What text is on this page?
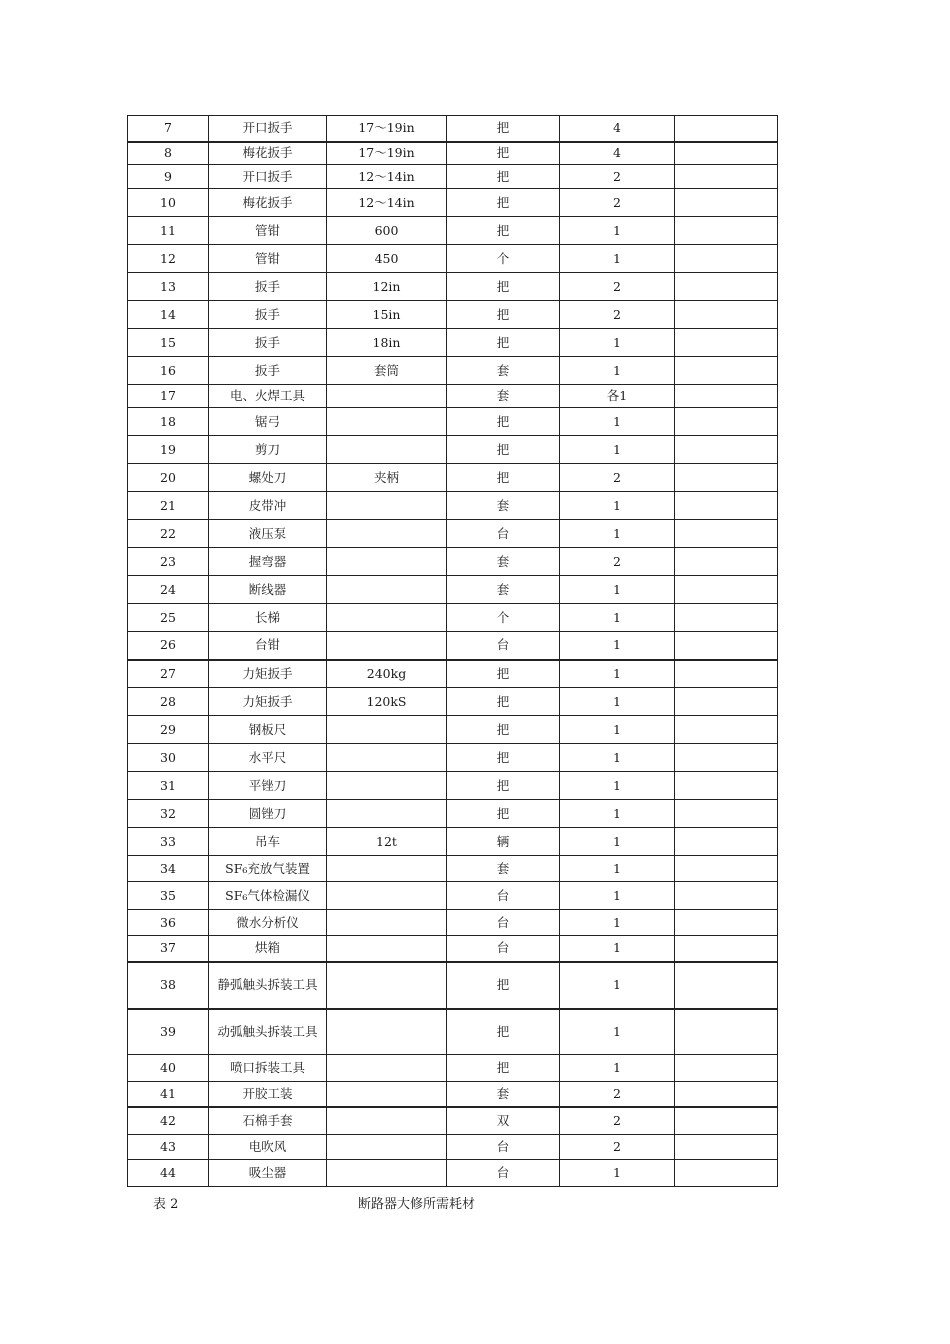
7	开口扳手	17～19in	把	4	
8	梅花扳手	17～19in	把	4	
9	开口扳手	12～14in	把	2	
10	梅花扳手	12～14in	把	2	
11	管钳	600	把	1	
12	管钳	450	个	1	
13	扳手	12in	把	2	
14	扳手	15in	把	2	
15	扳手	18in	把	1	
16	扳手	套筒	套	1	
17	电、火焊工具		套	各1	
18	锯弓		把	1	
19	剪刀		把	1	
20	螺处刀	夹柄	把	2	
21	皮带冲		套	1	
22	液压泵		台	1	
23	握弯器		套	2	
24	断线器		套	1	
25	长梯		个	1	
26	台钳		台	1	
27	力矩扳手	240kg	把	1	
28	力矩扳手	120kS	把	1	
29	钢板尺		把	1	
30	水平尺		把	1	
31	平锉刀		把	1	
32	圆锉刀		把	1	
33	吊车	12t	辆	1	
34	SF₆充放气装置		套	1	
35	SF₆气体检漏仪		台	1	
36	微水分析仪		台	1	
37	烘箱		台	1	
38	静弧触头拆装工具		把	1	
39	动弧触头拆装工具		把	1	
40	喷口拆装工具		把	1	
41	开胶工装		套	2	
42	石棉手套		双	2	
43	电吹风		台	2	
44	吸尘器		台	1	
表 2	断路器大修所需耗材
